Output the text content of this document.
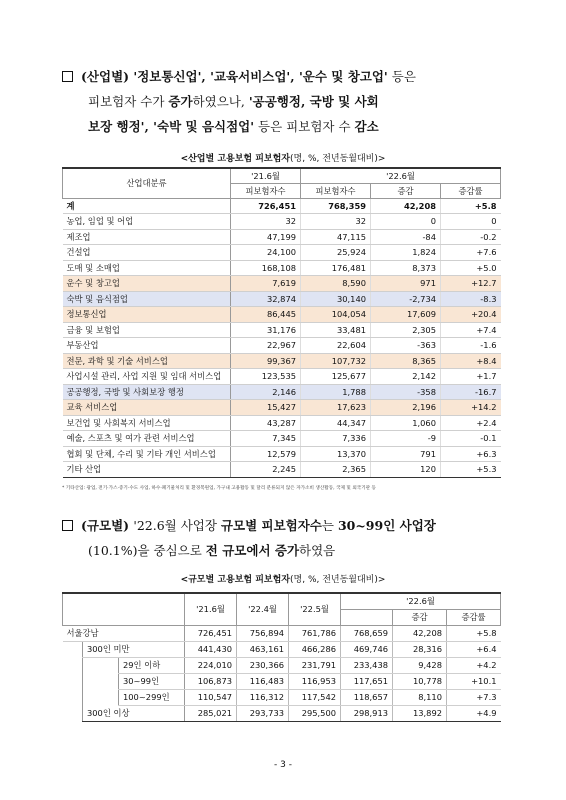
(산업별) '정보통신업', '교육서비스업', '운수 및 창고업' 등은
피보험자 수가 증가하였으나, '공공행정, 국방 및 사회
보장 행정', '숙박 및 음식점업' 등은 피보험자 수 감소
<산업별 고용보험 피보험자(명, %, 전년동월대비)>
산업대분류	'21.6월	'22.6월		
	피보험자수	피보험자수	증감	증감률
계	726,451	768,359	42,208	+5.8
농업, 임업 및 어업	32	32	0	0
제조업	47,199	47,115	-84	-0.2
건설업	24,100	25,924	1,824	+7.6
도매 및 소매업	168,108	176,481	8,373	+5.0
운수 및 창고업	7,619	8,590	971	+12.7
숙박 및 음식점업	32,874	30,140	-2,734	-8.3
정보통신업	86,445	104,054	17,609	+20.4
금융 및 보험업	31,176	33,481	2,305	+7.4
부동산업	22,967	22,604	-363	-1.6
전문, 과학 및 기술 서비스업	99,367	107,732	8,365	+8.4
사업시설 관리, 사업 지원 및 임대 서비스업	123,535	125,677	2,142	+1.7
공공행정, 국방 및 사회보장 행정	2,146	1,788	-358	-16.7
교육 서비스업	15,427	17,623	2,196	+14.2
보건업 및 사회복지 서비스업	43,287	44,347	1,060	+2.4
예술, 스포츠 및 여가 관련 서비스업	7,345	7,336	-9	-0.1
협회 및 단체, 수리 및 기타 개인 서비스업	12,579	13,370	791	+6.3
기타 산업	2,245	2,365	120	+5.3
* 기타산업: 광업, 전기·가스·증기·수도 사업, 하수·폐기물처리 및 환경복원업, 가구내 고용활동 및 달리 분류되지 않은 자가소비 생산활동, 국제 및 외국기관 등
(규모별) '22.6월 사업장 규모별 피보험자수는 30~99인 사업장
(10.1%)을 중심으로 전 규모에서 증가하였음
<규모별 고용보험 피보험자(명, %, 전년동월대비)>
			'21.6월	'22.4월	'22.5월	'22.6월		
							증감	증감률
서울강남			726,451	756,894	761,786	768,659	42,208	+5.8
	300인 미만		441,430	463,161	466,286	469,746	28,316	+6.4
		29인 이하	224,010	230,366	231,791	233,438	9,428	+4.2
		30~99인	106,873	116,483	116,953	117,651	10,778	+10.1
		100~299인	110,547	116,312	117,542	118,657	8,110	+7.3
	300인 이상		285,021	293,733	295,500	298,913	13,892	+4.9
- 3 -
